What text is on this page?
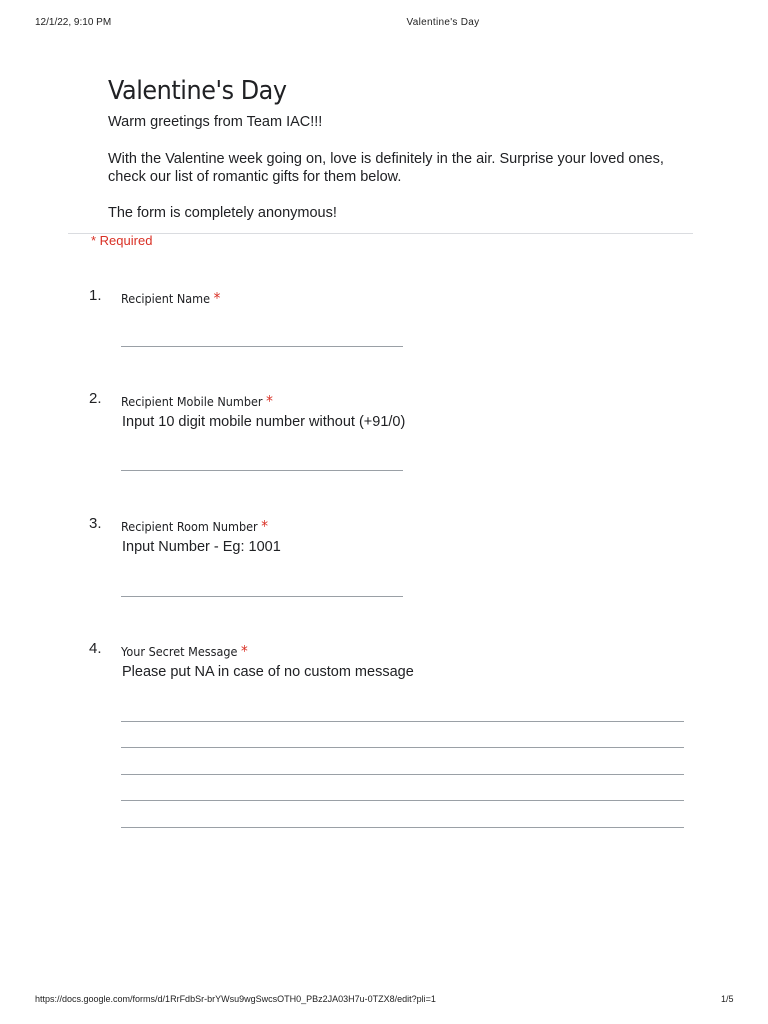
12/1/22, 9:10 PM	Valentine's Day
Valentine's Day

Warm greetings from Team IAC!!!

With the Valentine week going on, love is definitely in the air. Surprise your loved ones, check our list of romantic gifts for them below.

The form is completely anonymous!

* Required
1. Recipient Name *
2. Recipient Mobile Number *
Input 10 digit mobile number without (+91/0)
3. Recipient Room Number *
Input Number - Eg: 1001
4. Your Secret Message *
Please put NA in case of no custom message
https://docs.google.com/forms/d/1RrFdbSr-brYWsu9wgSwcsOTH0_PBz2JA03H7u-0TZX8/edit?pli=1	1/5
